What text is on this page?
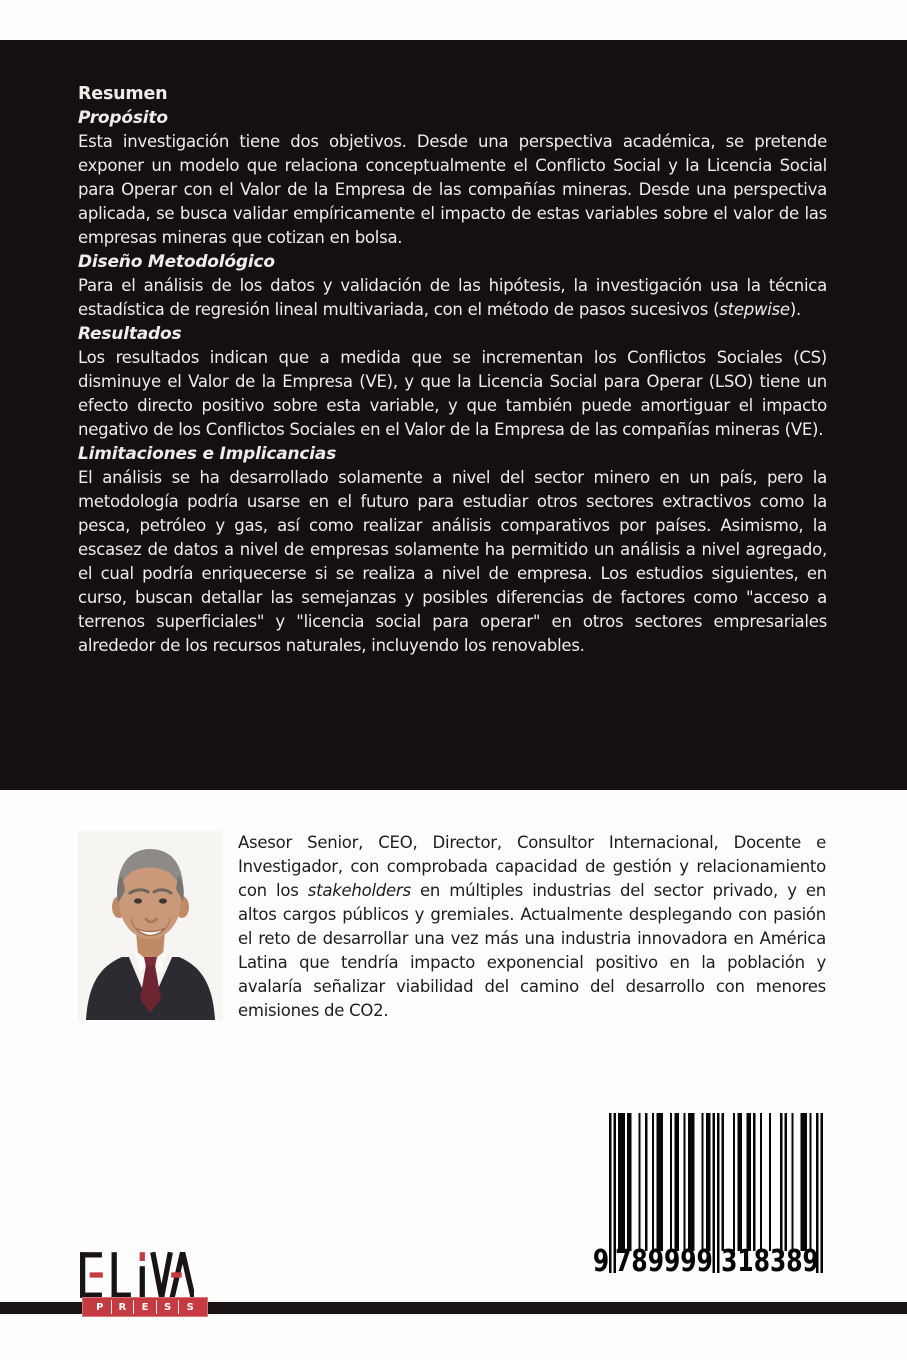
Resumen
Propósito

Esta investigación tiene dos objetivos. Desde una perspectiva académica, se pretende exponer un modelo que relaciona conceptualmente el Conflicto Social y la Licencia Social para Operar con el Valor de la Empresa de las compañías mineras. Desde una perspectiva aplicada, se busca validar empíricamente el impacto de estas variables sobre el valor de las empresas mineras que cotizan en bolsa.

Diseño Metodológico

Para el análisis de los datos y validación de las hipótesis, la investigación usa la técnica estadística de regresión lineal multivariada, con el método de pasos sucesivos (stepwise).

Resultados

Los resultados indican que a medida que se incrementan los Conflictos Sociales (CS) disminuye el Valor de la Empresa (VE), y que la Licencia Social para Operar (LSO) tiene un efecto directo positivo sobre esta variable, y que también puede amortiguar el impacto negativo de los Conflictos Sociales en el Valor de la Empresa de las compañías mineras (VE).

Limitaciones e Implicancias

El análisis se ha desarrollado solamente a nivel del sector minero en un país, pero la metodología podría usarse en el futuro para estudiar otros sectores extractivos como la pesca, petróleo y gas, así como realizar análisis comparativos por países. Asimismo, la escasez de datos a nivel de empresas solamente ha permitido un análisis a nivel agregado, el cual podría enriquecerse si se realiza a nivel de empresa. Los estudios siguientes, en curso, buscan detallar las semejanzas y posibles diferencias de factores como "acceso a terrenos superficiales" y "licencia social para operar" en otros sectores empresariales alrededor de los recursos naturales, incluyendo los renovables.

Asesor Senior, CEO, Director, Consultor Internacional, Docente e Investigador, con comprobada capacidad de gestión y relacionamiento con los stakeholders en múltiples industrias del sector privado, y en altos cargos públicos y gremiales. Actualmente desplegando con pasión el reto de desarrollar una vez más una industria innovadora en América Latina que tendría impacto exponencial positivo en la población y avalaría señalizar viabilidad del camino del desarrollo con menores emisiones de CO2.

9 789999 318389
P	R	E	S	S
